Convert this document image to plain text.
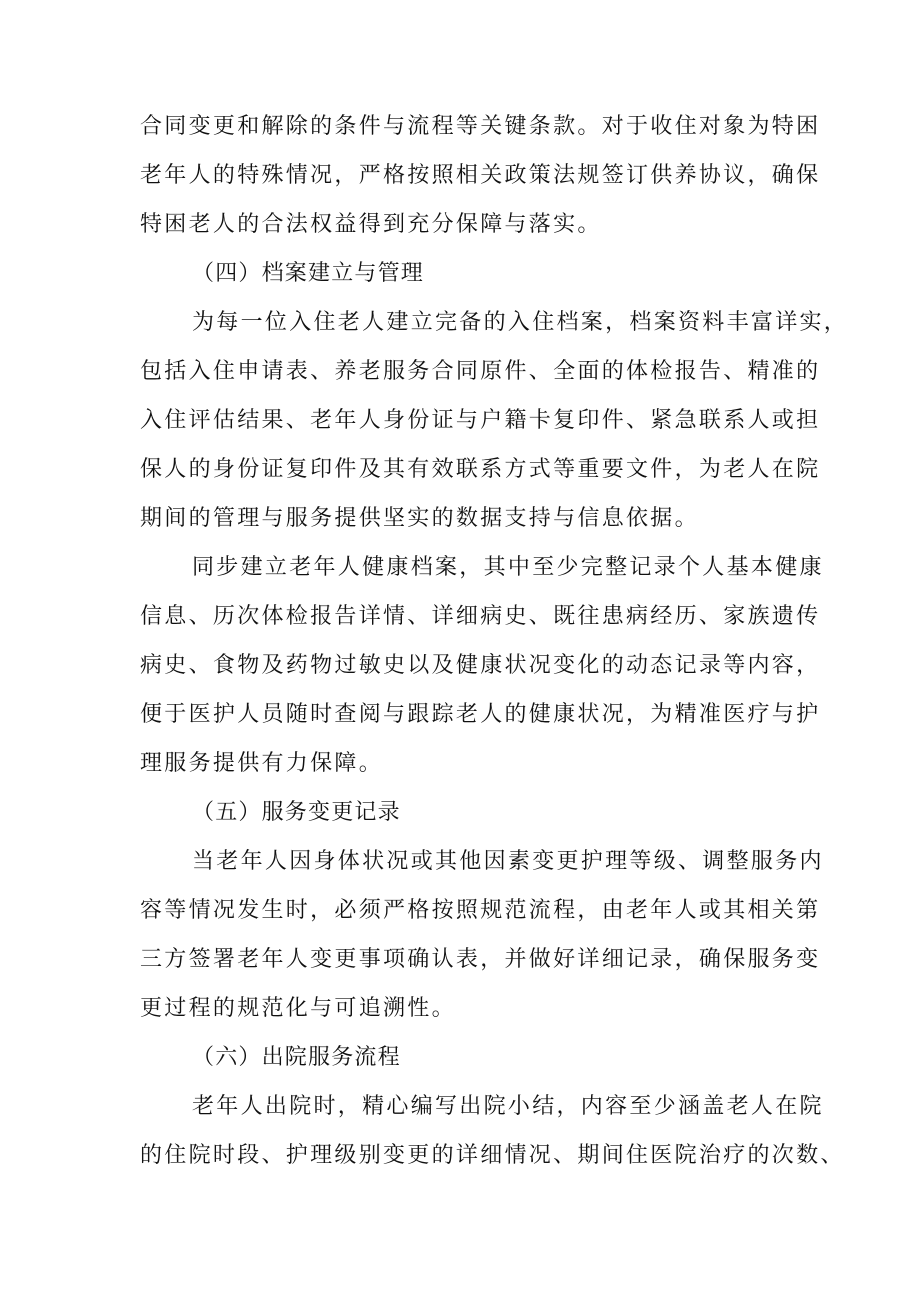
合同变更和解除的条件与流程等关键条款。对于收住对象为特困
老年人的特殊情况，严格按照相关政策法规签订供养协议，确保
特困老人的合法权益得到充分保障与落实。
（四）档案建立与管理
为每一位入住老人建立完备的入住档案，档案资料丰富详实，
包括入住申请表、养老服务合同原件、全面的体检报告、精准的
入住评估结果、老年人身份证与户籍卡复印件、紧急联系人或担
保人的身份证复印件及其有效联系方式等重要文件，为老人在院
期间的管理与服务提供坚实的数据支持与信息依据。
同步建立老年人健康档案，其中至少完整记录个人基本健康
信息、历次体检报告详情、详细病史、既往患病经历、家族遗传
病史、食物及药物过敏史以及健康状况变化的动态记录等内容，
便于医护人员随时查阅与跟踪老人的健康状况，为精准医疗与护
理服务提供有力保障。
（五）服务变更记录
当老年人因身体状况或其他因素变更护理等级、调整服务内
容等情况发生时，必须严格按照规范流程，由老年人或其相关第
三方签署老年人变更事项确认表，并做好详细记录，确保服务变
更过程的规范化与可追溯性。
（六）出院服务流程
老年人出院时，精心编写出院小结，内容至少涵盖老人在院
的住院时段、护理级别变更的详细情况、期间住医院治疗的次数、
